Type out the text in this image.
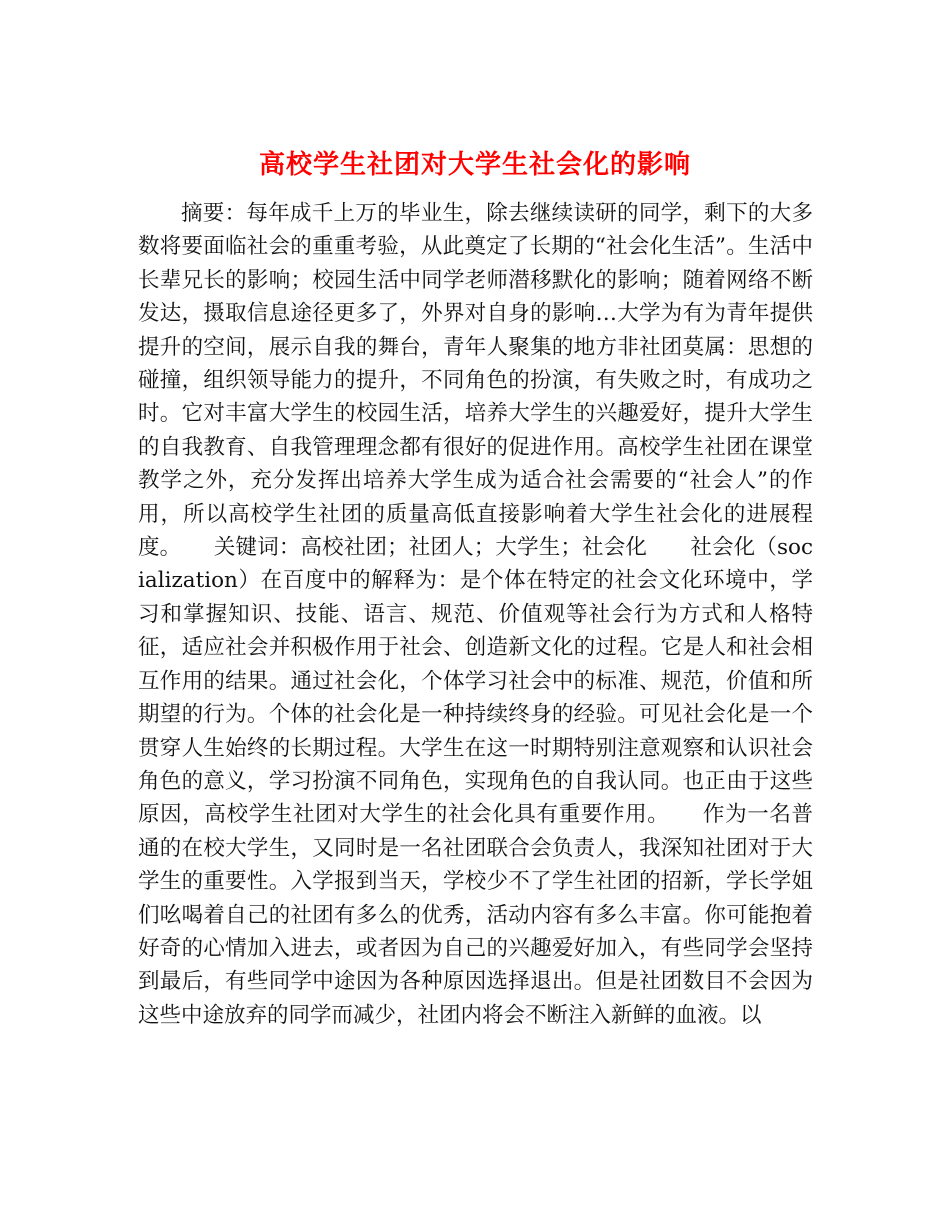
高校学生社团对大学生社会化的影响

摘要：每年成千上万的毕业生，除去继续读研的同学，剩下的大多数将要面临社会的重重考验，从此奠定了长期的“社会化生活”。生活中长辈兄长的影响；校园生活中同学老师潜移默化的影响；随着网络不断发达，摄取信息途径更多了，外界对自身的影响…大学为有为青年提供提升的空间，展示自我的舞台，青年人聚集的地方非社团莫属：思想的碰撞，组织领导能力的提升，不同角色的扮演，有失败之时，有成功之时。它对丰富大学生的校园生活，培养大学生的兴趣爱好，提升大学生的自我教育、自我管理理念都有很好的促进作用。高校学生社团在课堂教学之外，充分发挥出培养大学生成为适合社会需要的“社会人”的作用，所以高校学生社团的质量高低直接影响着大学生社会化的进展程度。　　关键词：高校社团；社团人；大学生；社会化　　社会化（socialization）在百度中的解释为：是个体在特定的社会文化环境中，学习和掌握知识、技能、语言、规范、价值观等社会行为方式和人格特征，适应社会并积极作用于社会、创造新文化的过程。它是人和社会相互作用的结果。通过社会化，个体学习社会中的标准、规范，价值和所期望的行为。个体的社会化是一种持续终身的经验。可见社会化是一个贯穿人生始终的长期过程。大学生在这一时期特别注意观察和认识社会角色的意义，学习扮演不同角色，实现角色的自我认同。也正由于这些原因，高校学生社团对大学生的社会化具有重要作用。　　作为一名普通的在校大学生，又同时是一名社团联合会负责人，我深知社团对于大学生的重要性。入学报到当天，学校少不了学生社团的招新，学长学姐们吆喝着自己的社团有多么的优秀，活动内容有多么丰富。你可能抱着好奇的心情加入进去，或者因为自己的兴趣爱好加入，有些同学会坚持到最后，有些同学中途因为各种原因选择退出。但是社团数目不会因为这些中途放弃的同学而减少，社团内将会不断注入新鲜的血液。以
